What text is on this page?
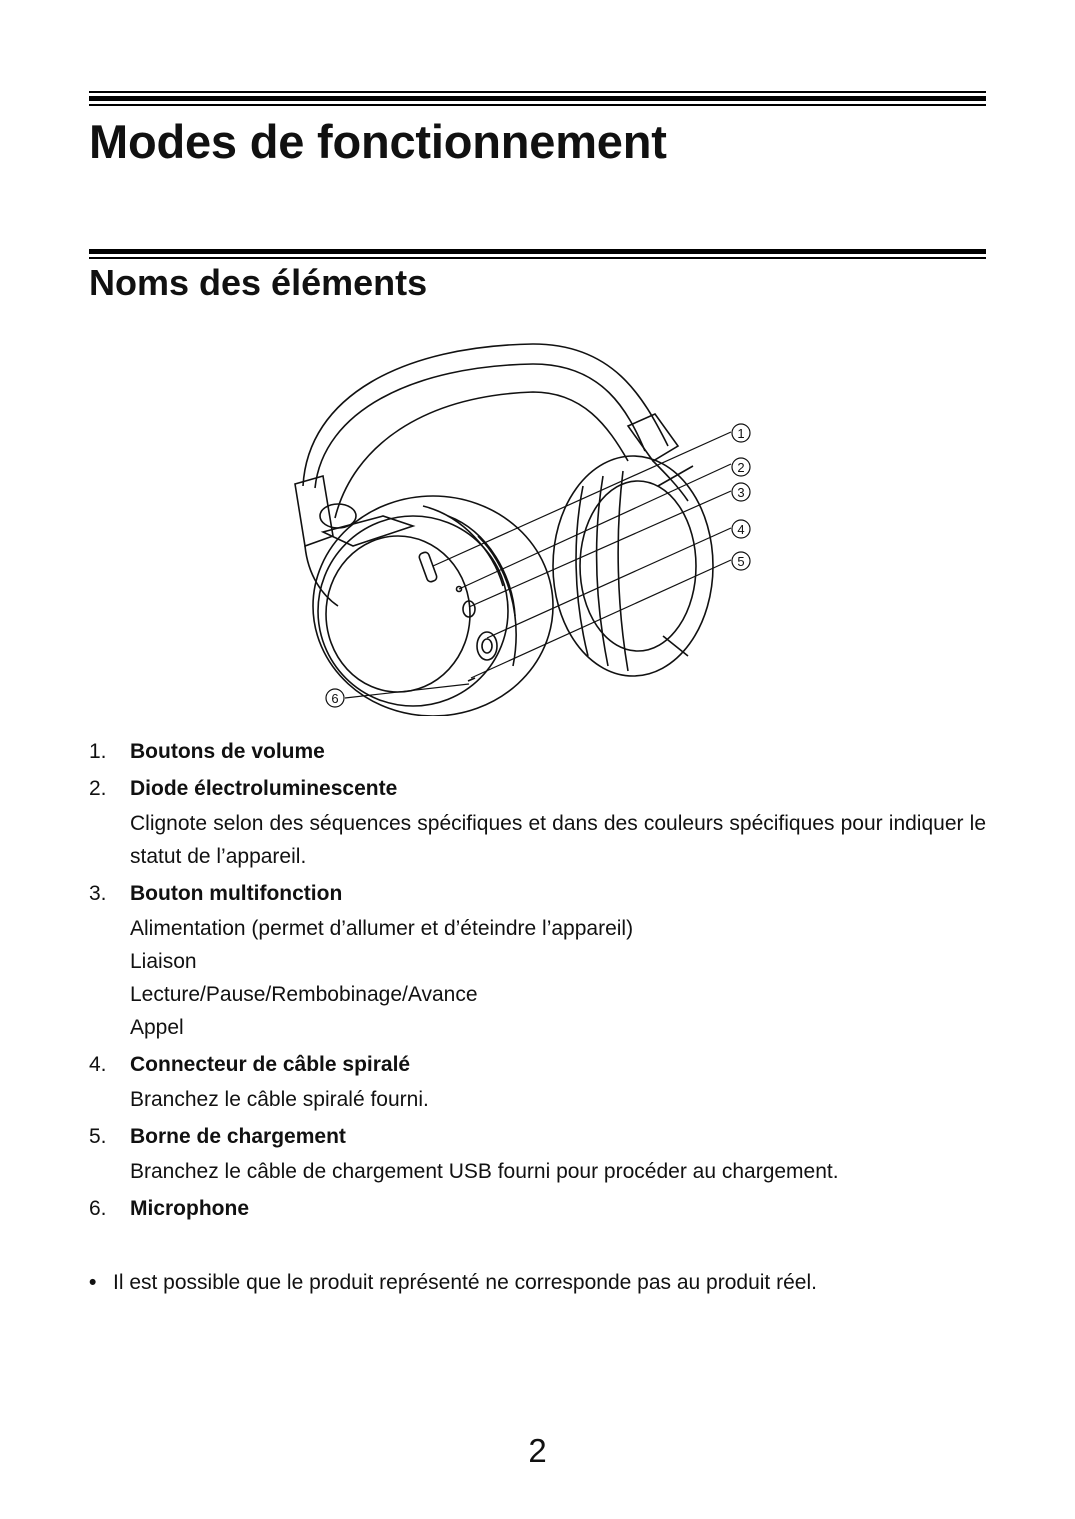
Modes de fonctionnement
Noms des éléments
1
2
3
4
5
6
1.	Boutons de volume
2.	Diode électroluminescente
Clignote selon des séquences spécifiques et dans des couleurs spécifiques pour indiquer le statut de l’appareil.
3.	Bouton multifonction
Alimentation (permet d’allumer et d’éteindre l’appareil)
Liaison
Lecture/Pause/Rembobinage/Avance
Appel
4.	Connecteur de câble spiralé
Branchez le câble spiralé fourni.
5.	Borne de chargement
Branchez le câble de chargement USB fourni pour procéder au chargement.
6.	Microphone
• Il est possible que le produit représenté ne corresponde pas au produit réel.
2
